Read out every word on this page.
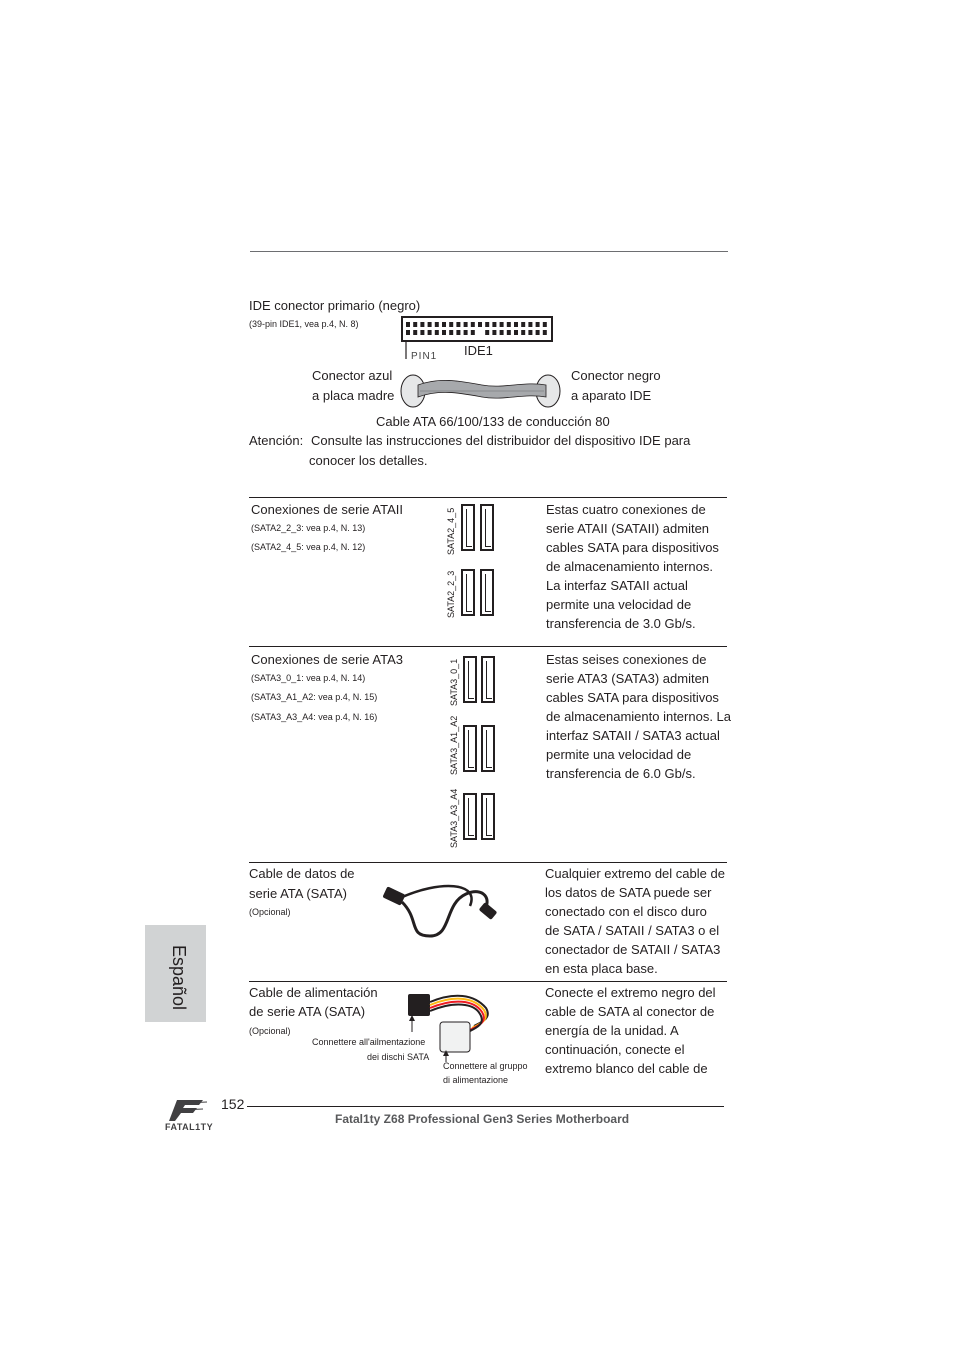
IDE conector primario (negro)
(39-pin IDE1, vea p.4, N. 8)
PIN1 IDE1
Conector azul
a placa madre
Conector negro
a aparato IDE
Cable ATA 66/100/133 de conducción 80
Atención: Consulte las instrucciones del distribuidor del dispositivo IDE para
conocer los detalles.
Conexiones de serie ATAII
(SATA2_2_3: vea p.4, N. 13)
(SATA2_4_5: vea p.4, N. 12)	SATA2_4_5
SATA2_2_3
Estas cuatro conexiones de
serie ATAII (SATAII) admiten
cables SATA para dispositivos
de almacenamiento internos.
La interfaz SATAII actual
permite una velocidad de
transferencia de 3.0 Gb/s.
Conexiones de serie ATA3
(SATA3_0_1: vea p.4, N. 14)
(SATA3_A1_A2: vea p.4, N. 15)
(SATA3_A3_A4: vea p.4, N. 16)
SATA3_0_1
SATA3_A1_A2
SATA3_A3_A4
Estas seises conexiones de
serie ATA3 (SATA3) admiten
cables SATA para dispositivos
de almacenamiento internos. La
interfaz SATAII / SATA3 actual
permite una velocidad de
transferencia de 6.0 Gb/s.
Cable de datos de
serie ATA (SATA)
(Opcional)
Cualquier extremo del cable de
los datos de SATA puede ser
conectado con el disco duro
de SATA / SATAII / SATA3 o el
conectador de SATAII / SATA3
en esta placa base.
Cable de alimentación
de serie ATA (SATA)
(Opcional)
Connettere all'ailmentazione
dei dischi SATA
Connettere al gruppo
di alimentazione
Conecte el extremo negro del
cable de SATA al conector de
energía de la unidad. A
continuación, conecte el
extremo blanco del cable de
Español
FATAL1TY
152
Fatal1ty Z68 Professional Gen3 Series Motherboard
